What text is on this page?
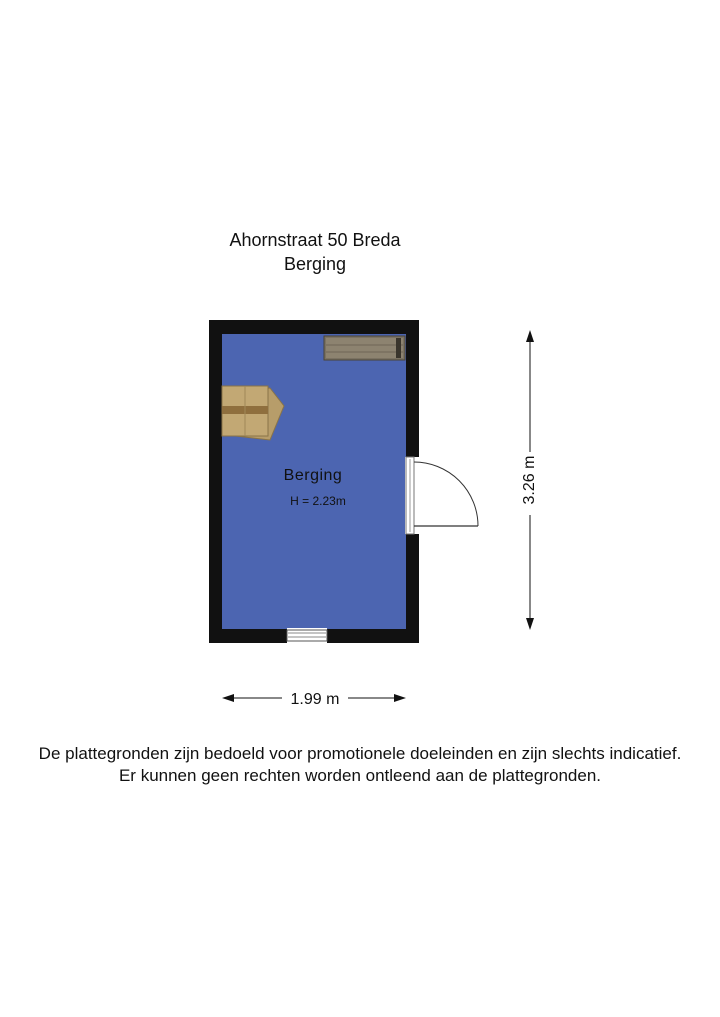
Ahornstraat 50 Breda
Berging
Berging
H = 2.23m	3.26 m
1.99 m
De plattegronden zijn bedoeld voor promotionele doeleinden en zijn slechts indicatief.
Er kunnen geen rechten worden ontleend aan de plattegronden.
